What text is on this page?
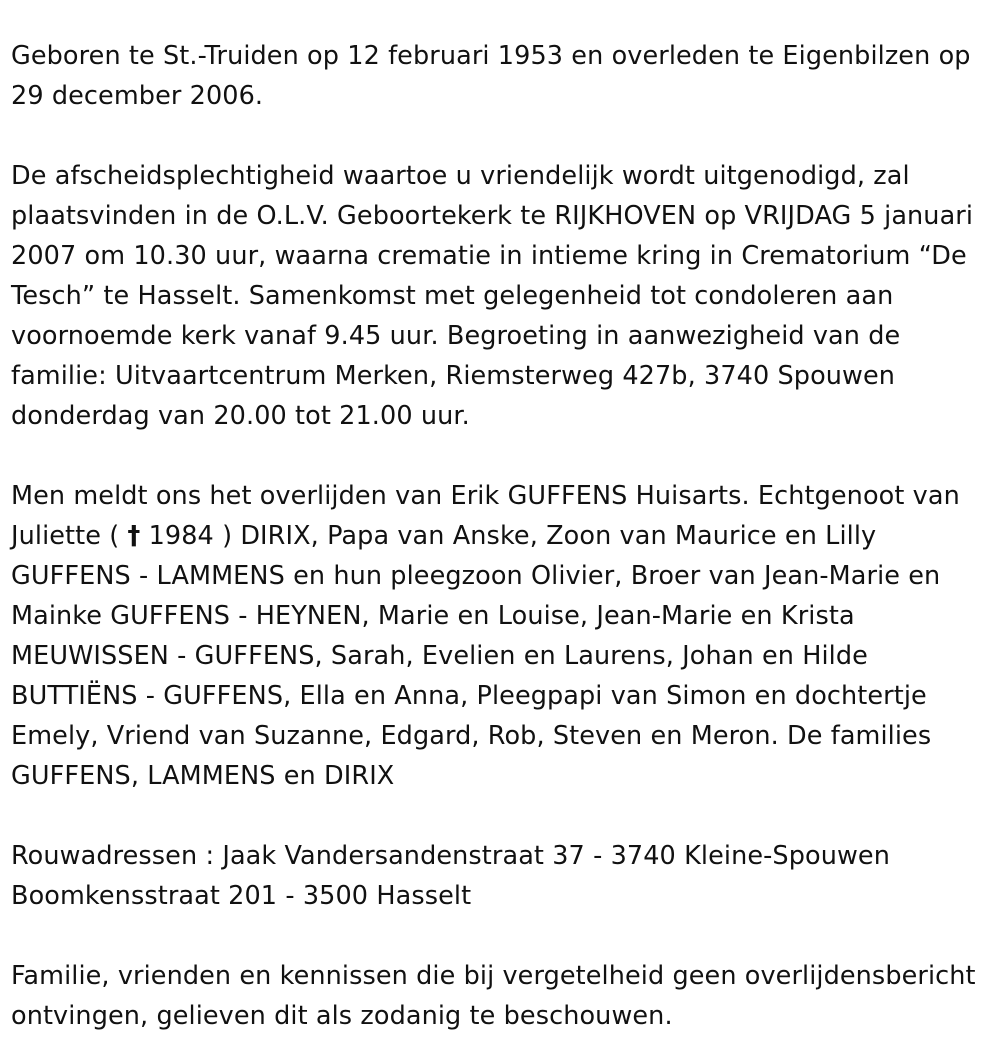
Geboren te St.-Truiden op 12 februari 1953 en overleden te Eigenbilzen op 29 december 2006.

De afscheidsplechtigheid waartoe u vriendelijk wordt uitgenodigd, zal plaatsvinden in de O.L.V. Geboortekerk te RIJKHOVEN op VRIJDAG 5 januari 2007 om 10.30 uur, waarna crematie in intieme kring in Crematorium “De Tesch” te Hasselt. Samenkomst met gelegenheid tot condoleren aan voornoemde kerk vanaf 9.45 uur. Begroeting in aanwezigheid van de familie: Uitvaartcentrum Merken, Riemsterweg 427b, 3740 Spouwen donderdag van 20.00 tot 21.00 uur.

Men meldt ons het overlijden van Erik GUFFENS Huisarts. Echtgenoot van Juliette ( † 1984 ) DIRIX, Papa van Anske, Zoon van Maurice en Lilly GUFFENS - LAMMENS en hun pleegzoon Olivier, Broer van Jean-Marie en Mainke GUFFENS - HEYNEN, Marie en Louise, Jean-Marie en Krista MEUWISSEN - GUFFENS, Sarah, Evelien en Laurens, Johan en Hilde BUTTIËNS - GUFFENS, Ella en Anna, Pleegpapi van Simon en dochtertje Emely, Vriend van Suzanne, Edgard, Rob, Steven en Meron. De families GUFFENS, LAMMENS en DIRIX

Rouwadressen : Jaak Vandersandenstraat 37 - 3740 Kleine-Spouwen
Boomkensstraat 201 - 3500 Hasselt

Familie, vrienden en kennissen die bij vergetelheid geen overlijdensbericht ontvingen, gelieven dit als zodanig te beschouwen.
